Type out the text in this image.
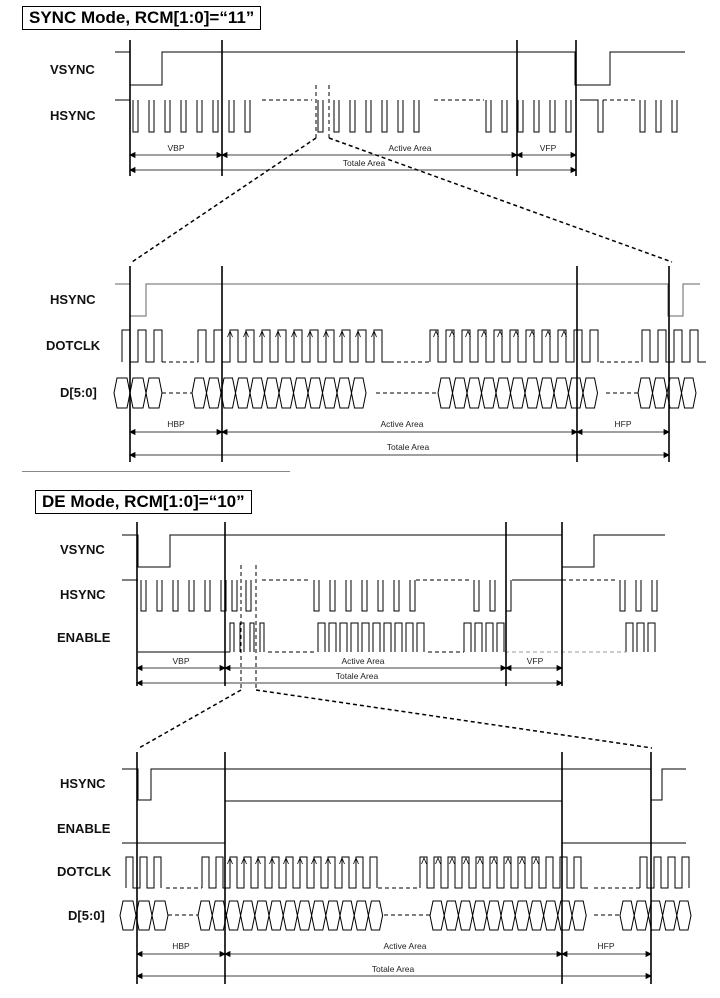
SYNC Mode, RCM[1:0]=“11”
DE Mode, RCM[1:0]=“10”
VSYNC
HSYNC
HSYNC
DOTCLK
D[5:0]
VSYNC
HSYNC
ENABLE
HSYNC
ENABLE
DOTCLK
D[5:0]
VBP	Active Area	VFP
Totale Area
HBP	Active Area	HFP
Totale Area
VBP	Active Area	VFP
Totale Area
HBP	Active Area	HFP
Totale Area
